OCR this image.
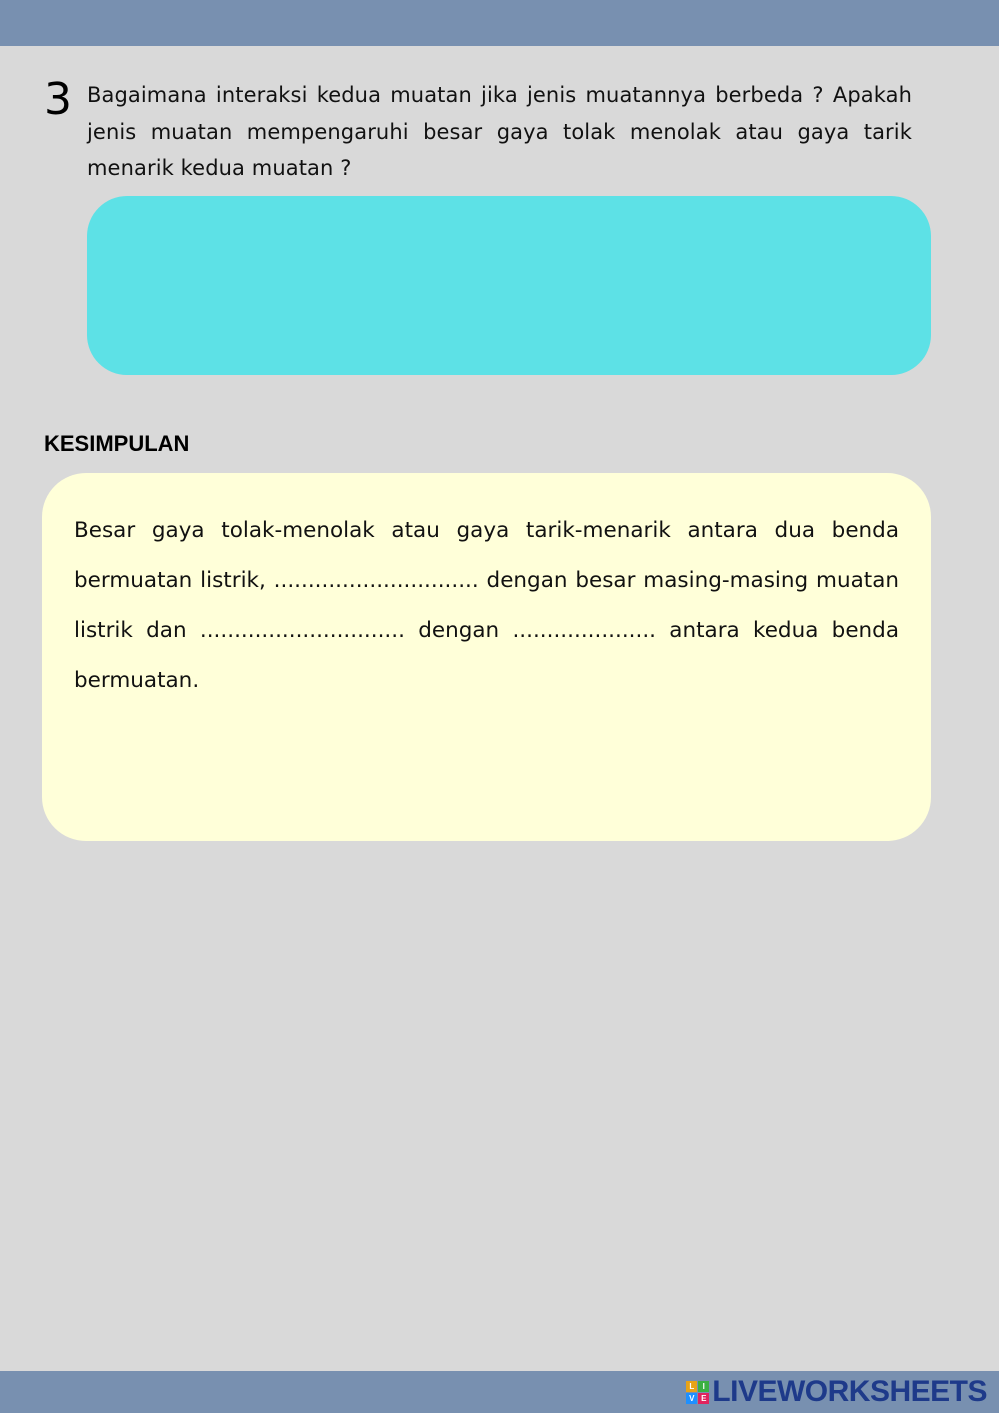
3 Bagaimana interaksi kedua muatan jika jenis muatannya berbeda ? Apakah jenis muatan mempengaruhi besar gaya tolak menolak atau gaya tarik menarik kedua muatan ?
KESIMPULAN
Besar gaya tolak-menolak atau gaya tarik-menarik antara dua benda bermuatan listrik, .............................. dengan besar masing-masing muatan listrik dan .............................. dengan ..................... antara kedua benda bermuatan.
L	I
V E LIVEWORKSHEETS
